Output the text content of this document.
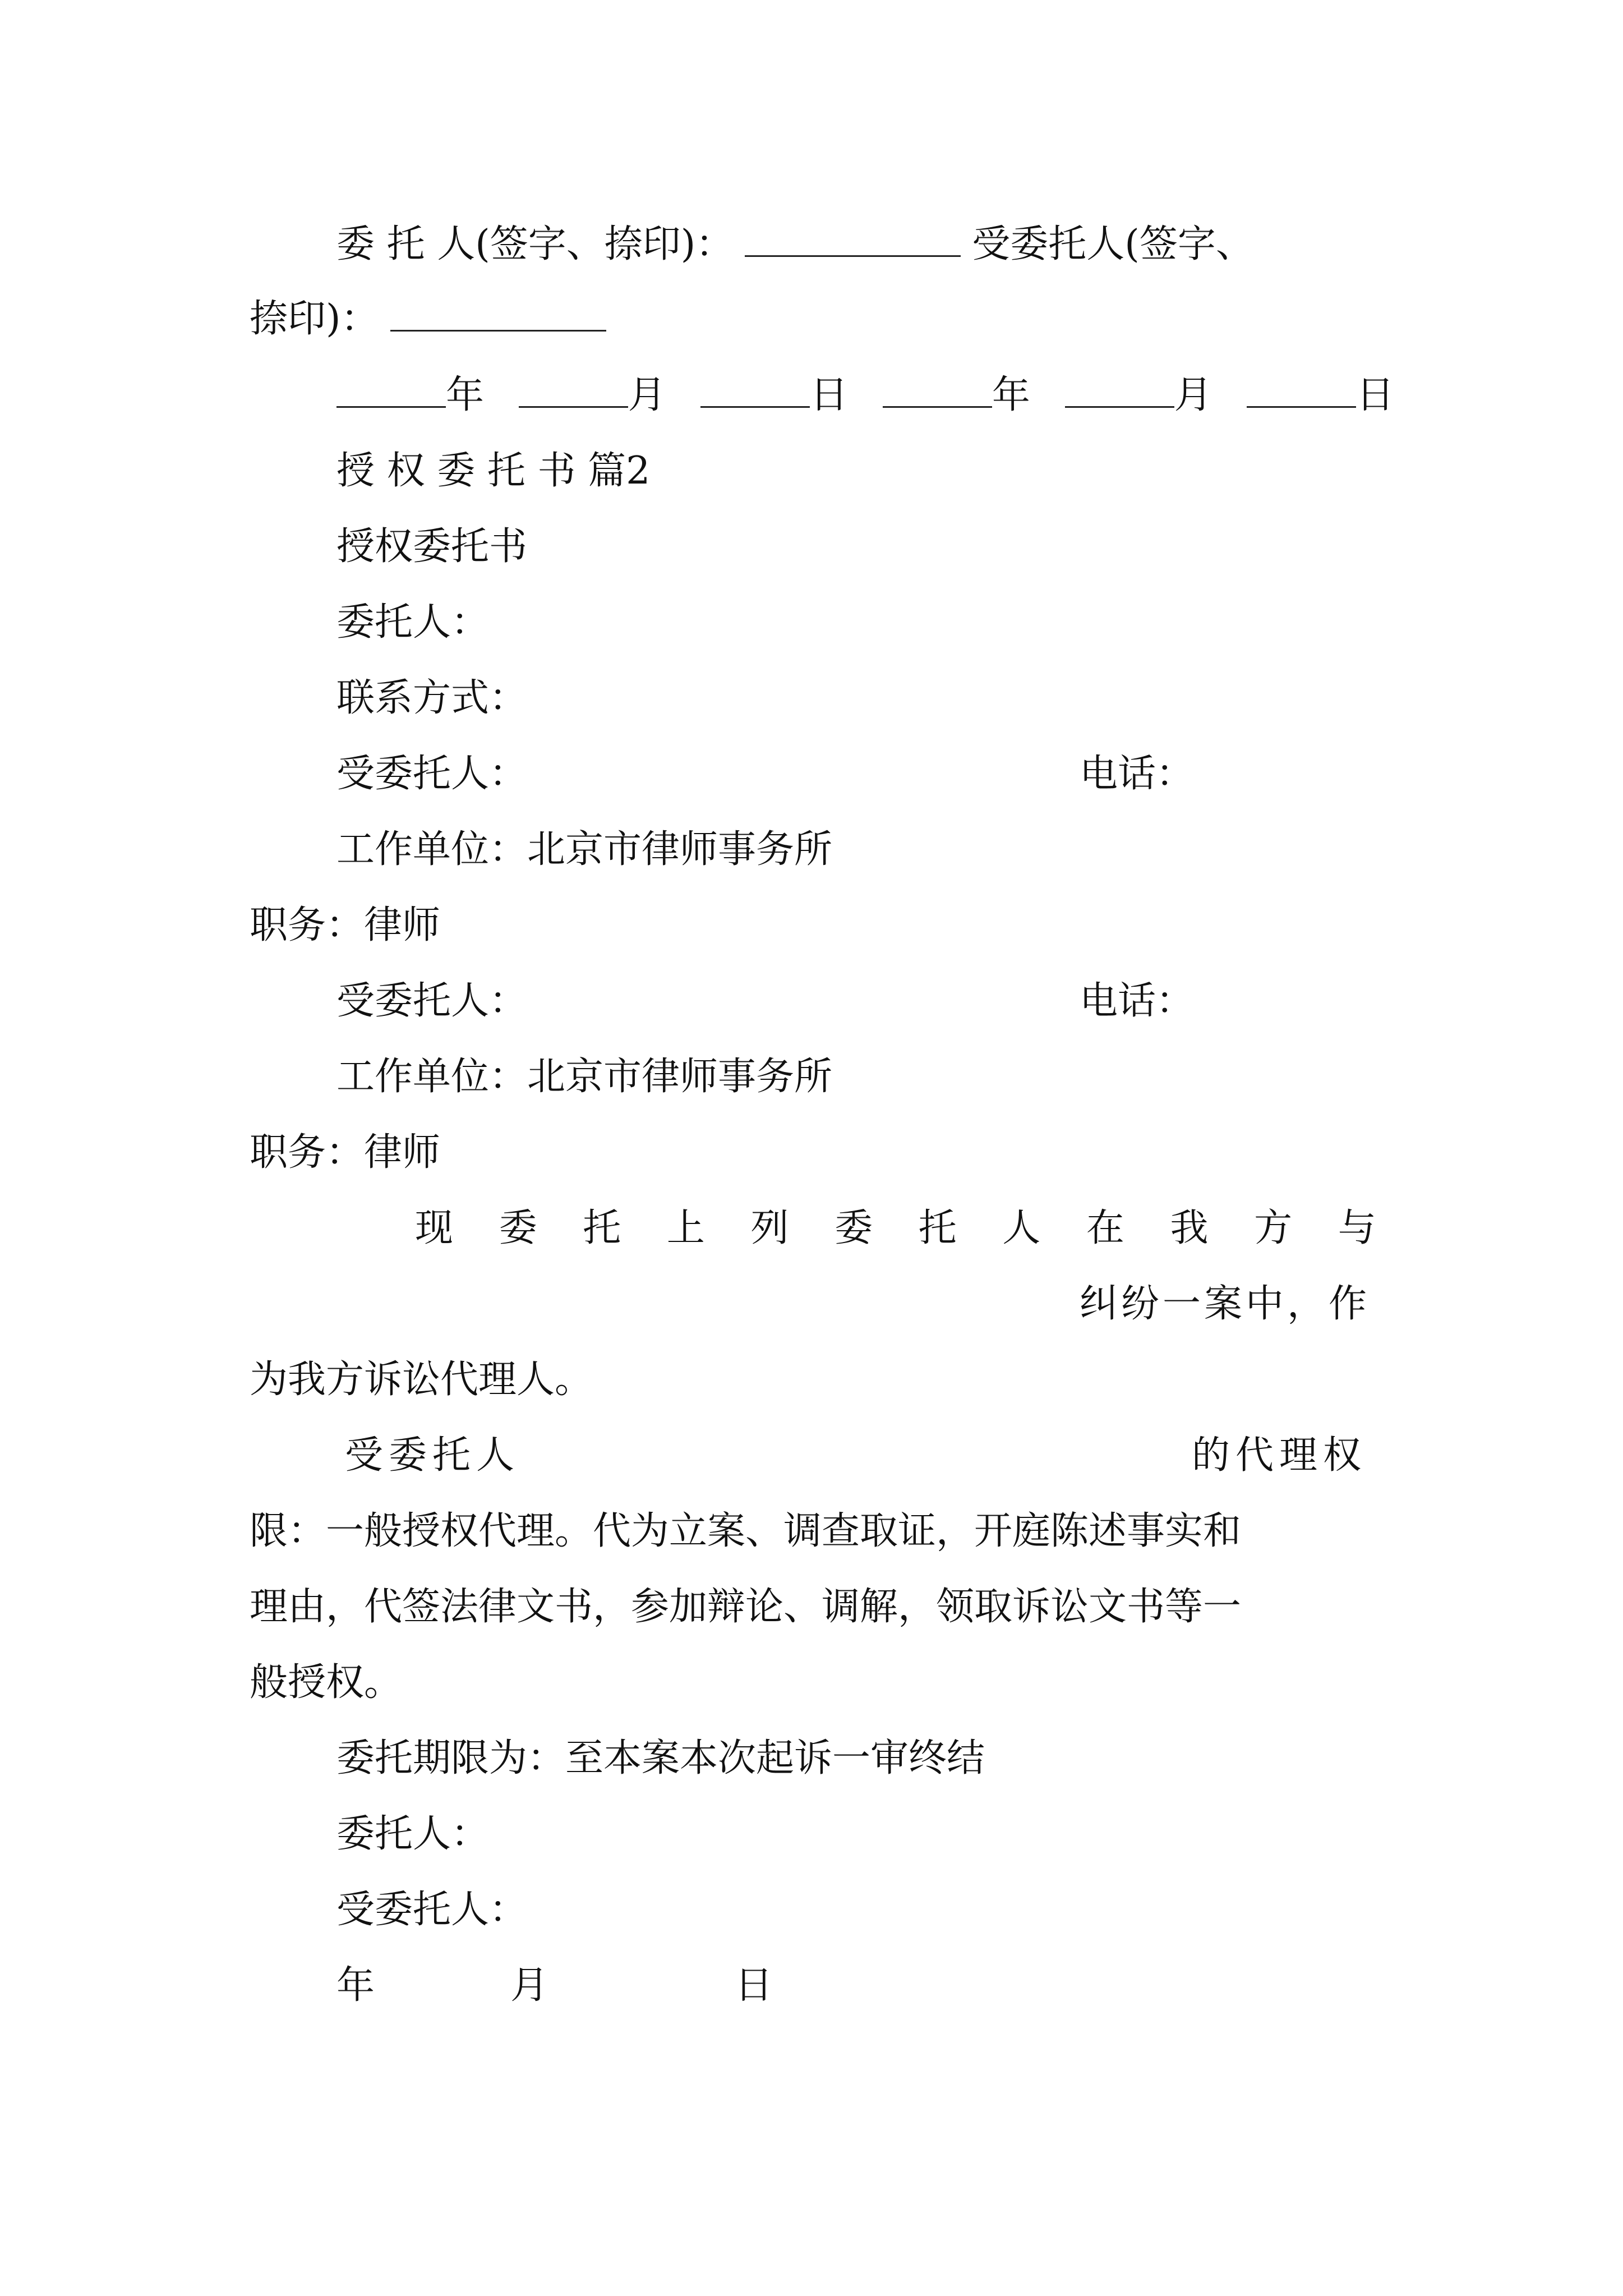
委 托 人(签字、捺印)：	受委托人(签字、
捺印)：
年	月	日	年	月	日
授 权 委 托 书 篇2
授权委托书
委托人：
联系方式：
受委托人：	电话：
工作单位：北京市律师事务所
职务：律师
受委托人：	电话：
工作单位：北京市律师事务所
职务：律师
现 委 托 上 列 委 托 人 在 我 方 与
纠纷一案中，作
为我方诉讼代理人。
受委托人	的代理权
限：一般授权代理。代为立案、调查取证，开庭陈述事实和
理由，代签法律文书，参加辩论、调解，领取诉讼文书等一
般授权。
委托期限为：至本案本次起诉一审终结
委托人：
受委托人：
年	月	日
